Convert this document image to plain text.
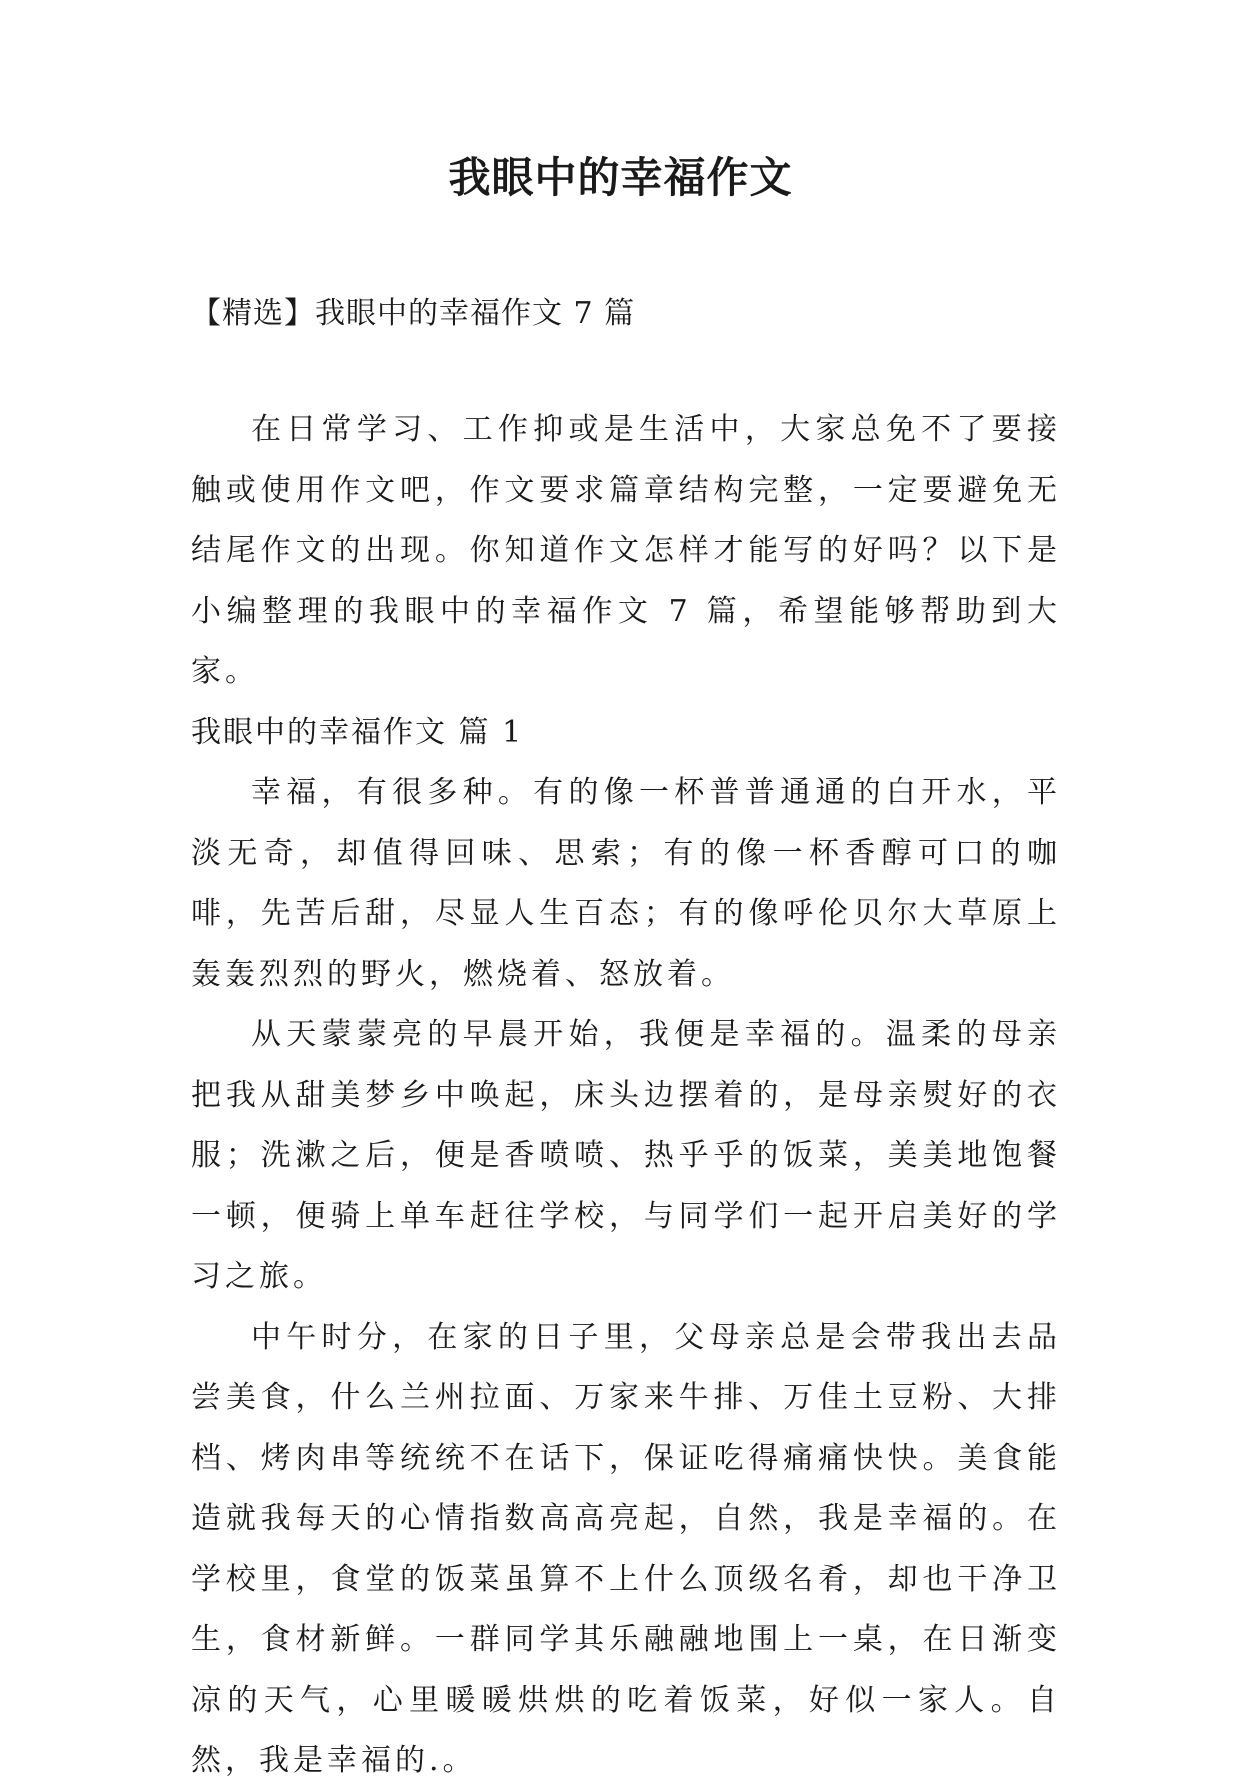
我眼中的幸福作文

【精选】我眼中的幸福作文 7 篇

在日常学习、工作抑或是生活中，大家总免不了要接触或使用作文吧，作文要求篇章结构完整，一定要避免无结尾作文的出现。你知道作文怎样才能写的好吗？以下是小编整理的我眼中的幸福作文 7 篇，希望能够帮助到大家。

我眼中的幸福作文 篇 1

幸福，有很多种。有的像一杯普普通通的白开水，平淡无奇，却值得回味、思索；有的像一杯香醇可口的咖啡，先苦后甜，尽显人生百态；有的像呼伦贝尔大草原上轰轰烈烈的野火，燃烧着、怒放着。

从天蒙蒙亮的早晨开始，我便是幸福的。温柔的母亲把我从甜美梦乡中唤起，床头边摆着的，是母亲熨好的衣服；洗漱之后，便是香喷喷、热乎乎的饭菜，美美地饱餐一顿，便骑上单车赶往学校，与同学们一起开启美好的学习之旅。

中午时分，在家的日子里，父母亲总是会带我出去品尝美食，什么兰州拉面、万家来牛排、万佳土豆粉、大排档、烤肉串等统统不在话下，保证吃得痛痛快快。美食能造就我每天的心情指数高高亮起，自然，我是幸福的。在学校里，食堂的饭菜虽算不上什么顶级名肴，却也干净卫生，食材新鲜。一群同学其乐融融地围上一桌，在日渐变凉的天气，心里暖暖烘烘的吃着饭菜，好似一家人。自然，我是幸福的.。
